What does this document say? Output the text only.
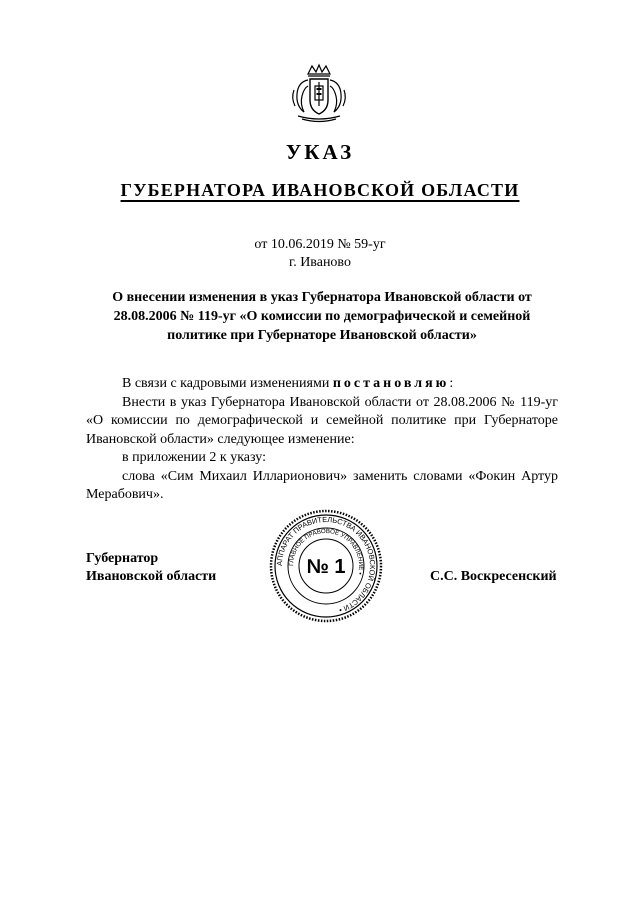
УКАЗ
ГУБЕРНАТОРА ИВАНОВСКОЙ ОБЛАСТИ
от 10.06.2019 № 59-уг
г. Иваново
О внесении изменения в указ Губернатора Ивановской области от 28.08.2006 № 119-уг «О комиссии по демографической и семейной политике при Губернаторе Ивановской области»

В связи с кадровыми изменениями постановляю:

Внести в указ Губернатора Ивановской области от 28.08.2006 № 119-уг «О комиссии по демографической и семейной политике при Губернаторе Ивановской области» следующее изменение:

в приложении 2 к указу:

слова «Сим Михаил Илларионович» заменить словами «Фокин Артур Мерабович».

Губернатор
Ивановской области	С.С. Воскресенский
АППАРАТ ПРАВИТЕЛЬСТВА ИВАНОВСКОЙ ОБЛАСТИ •
ГЛАВНОЕ ПРАВОВОЕ УПРАВЛЕНИЕ •
№ 1
